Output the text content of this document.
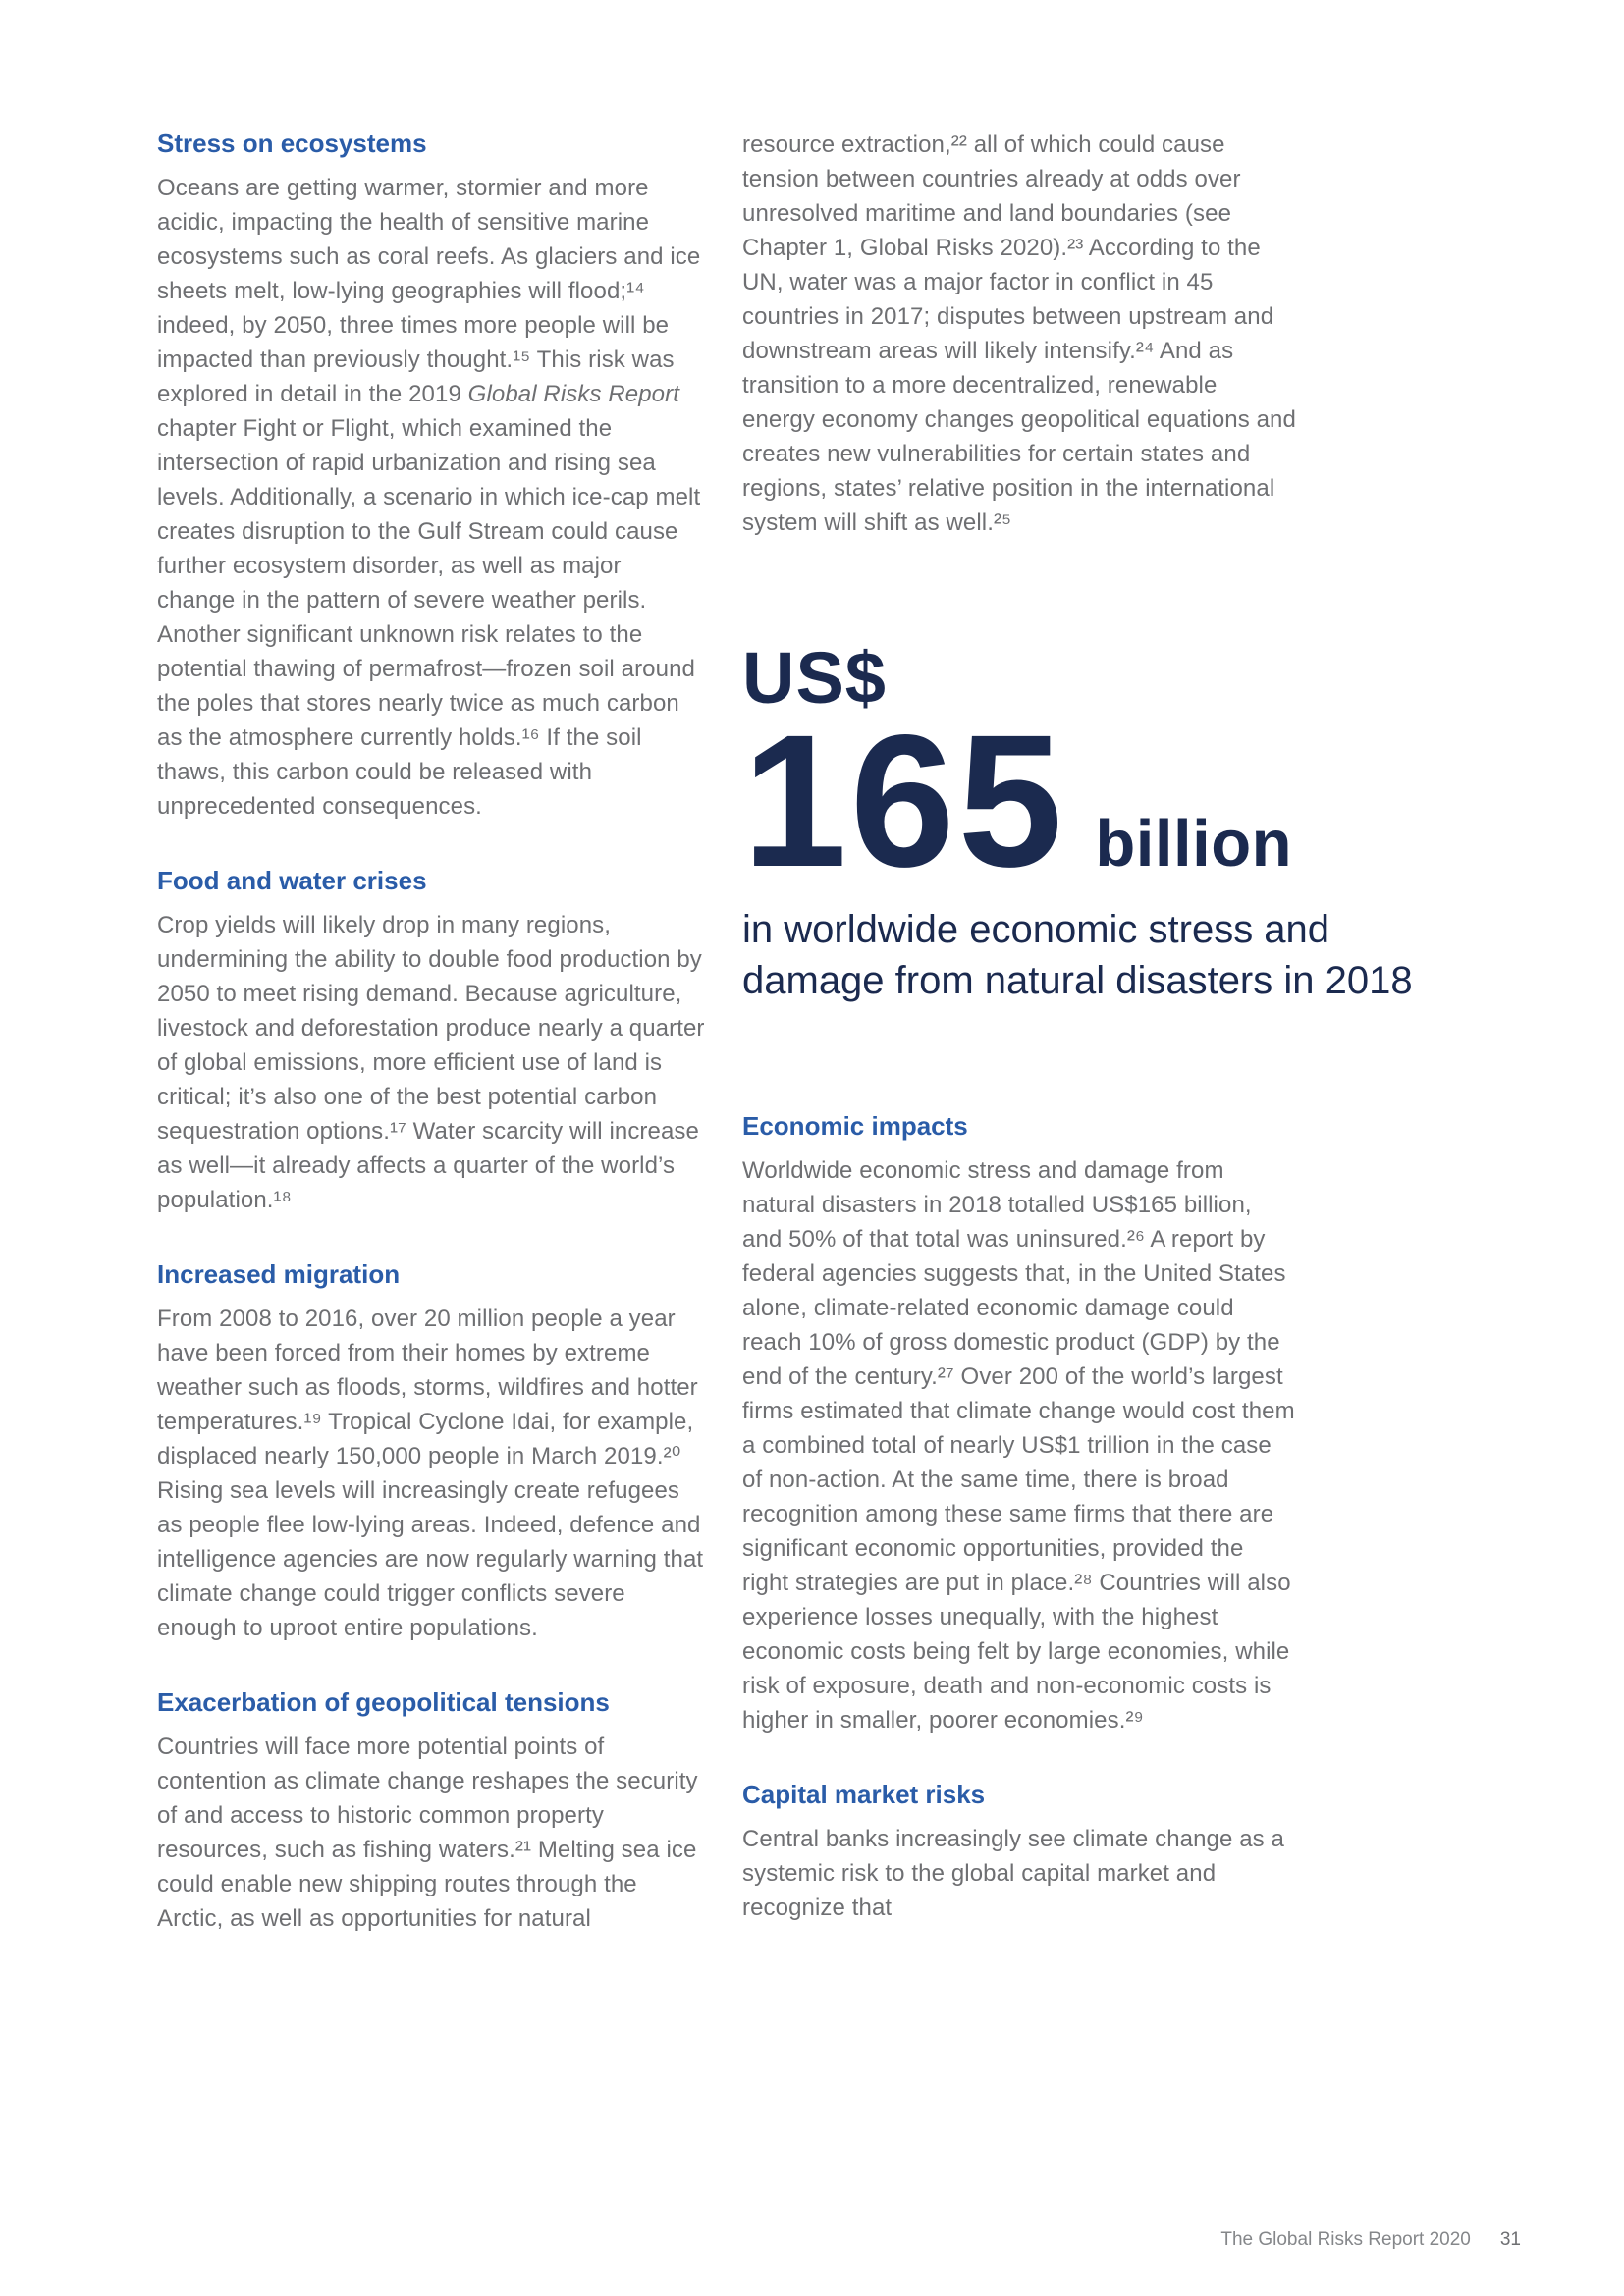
Stress on ecosystems

Oceans are getting warmer, stormier and more acidic, impacting the health of sensitive marine ecosystems such as coral reefs. As glaciers and ice sheets melt, low-lying geographies will flood;¹⁴ indeed, by 2050, three times more people will be impacted than previously thought.¹⁵ This risk was explored in detail in the 2019 Global Risks Report chapter Fight or Flight, which examined the intersection of rapid urbanization and rising sea levels. Additionally, a scenario in which ice-cap melt creates disruption to the Gulf Stream could cause further ecosystem disorder, as well as major change in the pattern of severe weather perils. Another significant unknown risk relates to the potential thawing of permafrost—frozen soil around the poles that stores nearly twice as much carbon as the atmosphere currently holds.¹⁶ If the soil thaws, this carbon could be released with unprecedented consequences.

Food and water crises

Crop yields will likely drop in many regions, undermining the ability to double food production by 2050 to meet rising demand. Because agriculture, livestock and deforestation produce nearly a quarter of global emissions, more efficient use of land is critical; it’s also one of the best potential carbon sequestration options.¹⁷ Water scarcity will increase as well—it already affects a quarter of the world’s population.¹⁸

Increased migration

From 2008 to 2016, over 20 million people a year have been forced from their homes by extreme weather such as floods, storms, wildfires and hotter temperatures.¹⁹ Tropical Cyclone Idai, for example, displaced nearly 150,000 people in March 2019.²⁰ Rising sea levels will increasingly create refugees as people flee low-lying areas. Indeed, defence and intelligence agencies are now regularly warning that climate change could trigger conflicts severe enough to uproot entire populations.

Exacerbation of geopolitical tensions

Countries will face more potential points of contention as climate change reshapes the security of and access to historic common property resources, such as fishing waters.²¹ Melting sea ice could enable new shipping routes through the Arctic, as well as opportunities for natural

resource extraction,²² all of which could cause tension between countries already at odds over unresolved maritime and land boundaries (see Chapter 1, Global Risks 2020).²³ According to the UN, water was a major factor in conflict in 45 countries in 2017; disputes between upstream and downstream areas will likely intensify.²⁴ And as transition to a more decentralized, renewable energy economy changes geopolitical equations and creates new vulnerabilities for certain states and regions, states’ relative position in the international system will shift as well.²⁵

US$
165 billion
in worldwide economic stress and damage from natural disasters in 2018
Economic impacts

Worldwide economic stress and damage from natural disasters in 2018 totalled US$165 billion, and 50% of that total was uninsured.²⁶ A report by federal agencies suggests that, in the United States alone, climate-related economic damage could reach 10% of gross domestic product (GDP) by the end of the century.²⁷ Over 200 of the world’s largest firms estimated that climate change would cost them a combined total of nearly US$1 trillion in the case of non-action. At the same time, there is broad recognition among these same firms that there are significant economic opportunities, provided the right strategies are put in place.²⁸ Countries will also experience losses unequally, with the highest economic costs being felt by large economies, while risk of exposure, death and non-economic costs is higher in smaller, poorer economies.²⁹

Capital market risks

Central banks increasingly see climate change as a systemic risk to the global capital market and recognize that

The Global Risks Report 2020 31
